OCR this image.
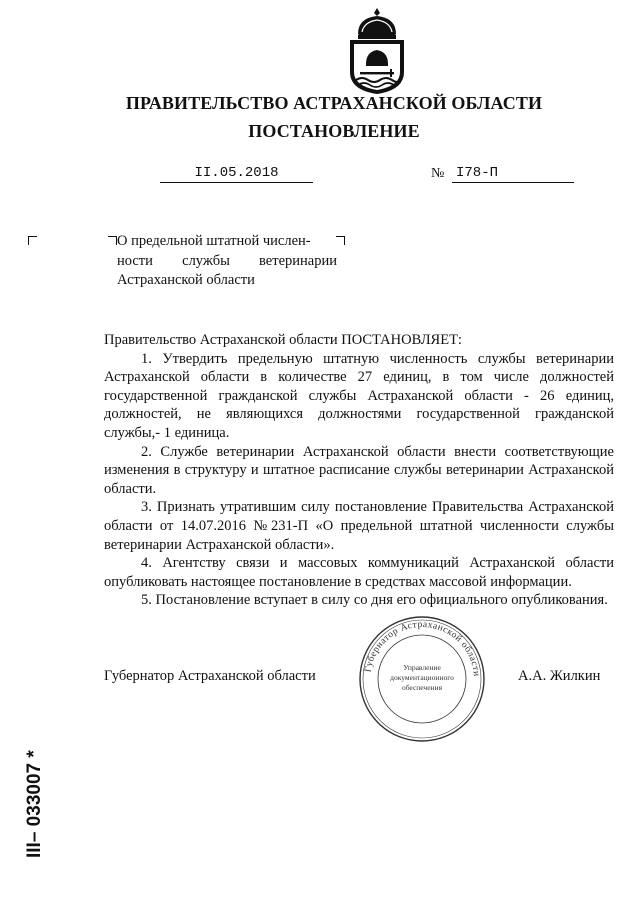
ПРАВИТЕЛЬСТВО АСТРАХАНСКОЙ ОБЛАСТИ
ПОСТАНОВЛЕНИЕ
II.05.2018	№ I78-П
О предельной штатной числен-
ности службы ветеринарии
Астраханской области

Правительство Астраханской области ПОСТАНОВЛЯЕТ:

1. Утвердить предельную штатную численность службы ветеринарии Астраханской области в количестве 27 единиц, в том числе должностей государственной гражданской службы Астраханской области - 26 единиц, должностей, не являющихся должностями государственной гражданской службы,- 1 единица.

2. Службе ветеринарии Астраханской области внести соответствующие изменения в структуру и штатное расписание службы ветеринарии Астраханской области.

3. Признать утратившим силу постановление Правительства Астраханской области от 14.07.2016 №231-П «О предельной штатной численности службы ветеринарии Астраханской области».

4. Агентству связи и массовых коммуникаций Астраханской области опубликовать настоящее постановление в средствах массовой информации.

5. Постановление вступает в силу со дня его официального опубликования.

Губернатор Астраханской области	Губернатор Астраханской области
Управление
документационного
обеспечения
А.А. Жилкин
ІІІ– 033007 *
